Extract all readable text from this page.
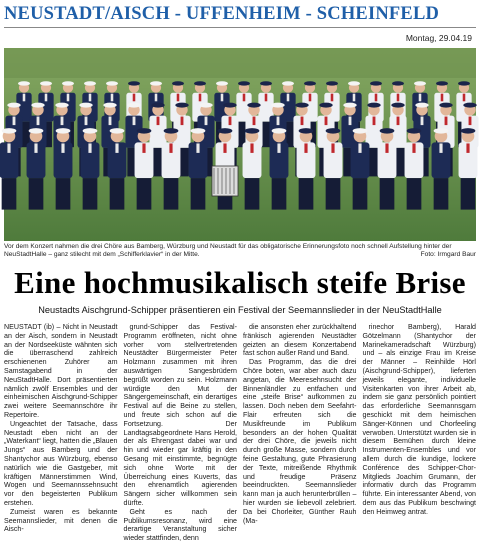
NEUSTADT/AISCH - UFFENHEIM - SCHEINFELD
Montag, 29.04.19
Vor dem Konzert nahmen die drei Chöre aus Bamberg, Würzburg und Neustadt für das obligatorische Erinnerungsfoto noch schnell Aufstellung hinter der NeuStadtHalle – ganz stilecht mit dem „Schifferklavier“ in der Mitte.	Foto: Irmgard Baur
Eine hochmusikalisch steife Brise
Neustadts Aischgrund-Schipper präsentieren ein Festival der Seemannslieder in der NeuStadtHalle

NEUSTADT (ib) – Nicht in Neustadt an der Aisch, sondern in Neustadt an der Nordseeküste wähnten sich die überraschend zahlreich erschienenen Zuhörer am Samstagabend in der NeuStadtHalle. Dort präsentierten nämlich zwölf Ensembles und der einheimischen Aischgrund-Schipper zwei weitere Seemannschöre ihr Repertoire.

Ungeachtet der Tatsache, dass Neustadt eben nicht an der „Waterkant“ liegt, hatten die „Blauen Jungs“ aus Bamberg und der Shantychor aus Würzburg, ebenso natürlich wie die Gastgeber, mit kräftigen Männerstimmen Wind, Wogen und Seemannssehnsucht vor den begeisterten Publikum erstehen.

Zumeist waren es bekannte Seemannslieder, mit denen die Aisch-

grund-Schipper das Festival-Programm eröffneten, nicht ohne vorher vom stellvertretenden Neustädter Bürgermeister Peter Holzmann zusammen mit ihren auswärtigen Sangesbrüdern begrüßt worden zu sein. Holzmann würdigte den Mut der Sängergemeinschaft, ein derartiges Festival auf die Beine zu stellen, und freute sich schon auf die Fortsetzung. Der Landtagsabgeordnete Hans Herold, der als Ehrengast dabei war und hin und wieder gar kräftig in den Gesang mit einstimmte, begnügte sich ohne Worte mit der Überreichung eines Kuverts, das den ehrenamtlich agierenden Sängern sicher willkommen sein dürfte.

Geht es nach der Publikumsresonanz, wird eine derartige Veranstaltung sicher wieder stattfinden, denn

die ansonsten eher zurückhaltend fränkisch agierenden Neustädter geizten an diesem Konzertabend fast schon außer Rand und Band.

Das Programm, das die drei Chöre boten, war aber auch dazu angetan, die Meeresehnsucht der Binnenländler zu entfachen und eine „steife Brise“ aufkommen zu lassen. Doch neben dem Seefahrt-Flair erfreuten sich die Musikfreunde im Publikum besonders an der hohen Qualität der drei Chöre, die jeweils nicht durch große Masse, sondern durch feine Gestaltung, gute Phrasierung der Texte, mitreißende Rhythmik und freudige Präsenz beeindruckten. Seemannslieder kann man ja auch herunterbrüllen – hier wurden sie liebevoll zelebriert. Da bei Chorleiter, Günther Rauh (Ma-

rinechor Bamberg), Harald Götzelmann (Shantychor der Marinekameradschaft Würzburg) und – als einzige Frau im Kreise der Männer – Reinhilde Hörl (Aischgrund-Schipper), lieferten jeweils elegante, individuelle Visitenkarten von ihrer Arbeit ab, indem sie ganz persönlich pointiert das erforderliche Seemannsgarn geschickt mit dem heimischen Sänger-Können und Chorfeeling verwoben. Unterstützt wurden sie in diesem Bemühen durch kleine Instrumenten-Ensembles und vor allem durch die kundige, lockere Conférence des Schipper-Chor-Mitglieds Joachim Grumann, der informativ durch das Programm führte. Ein interessanter Abend, von dem aus das Publikum beschwingt den Heimweg antrat.
